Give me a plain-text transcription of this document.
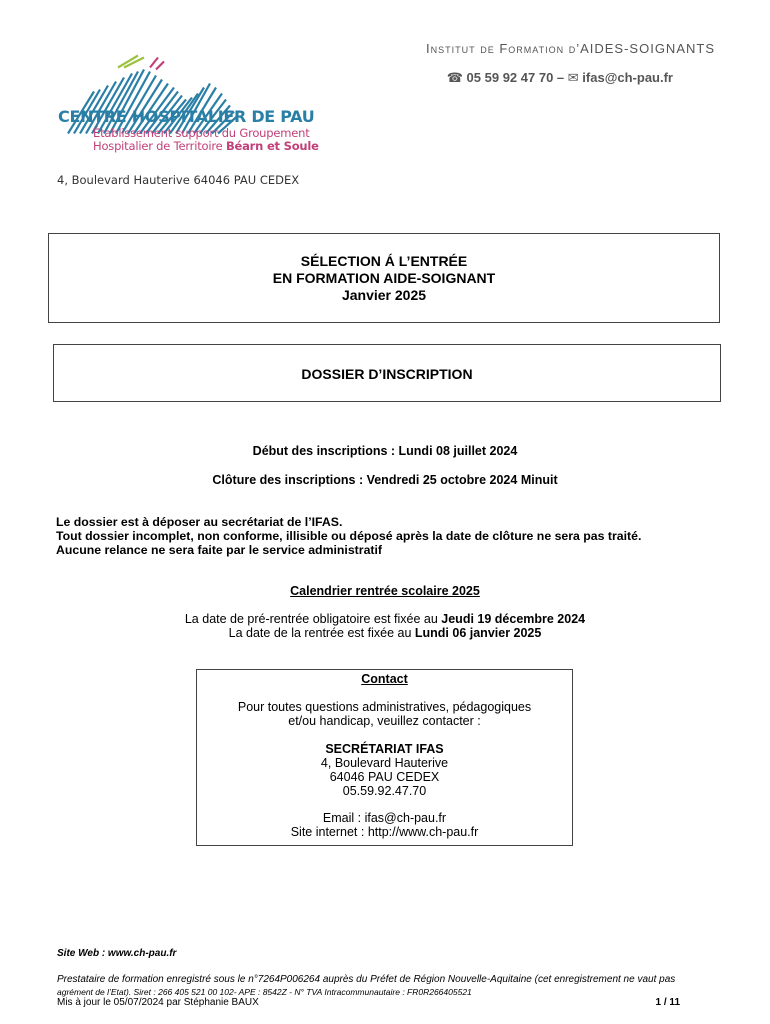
CENTRE HOSPITALIER DE PAU
Établissement support du Groupement
Hospitalier de Territoire Béarn et Soule
4, Boulevard Hauterive 64046 PAU CEDEX
Institut de Formation d’AIDES-SOIGNANTS
☎ 05 59 92 47 70 – ✉ ifas@ch-pau.fr
SÉLECTION Á L’ENTRÉE
EN FORMATION AIDE-SOIGNANT
Janvier 2025
DOSSIER D’INSCRIPTION
Début des inscriptions : Lundi 08 juillet 2024
Clôture des inscriptions : Vendredi 25 octobre 2024 Minuit
Le dossier est à déposer au secrétariat de l’IFAS.
Tout dossier incomplet, non conforme, illisible ou déposé après la date de clôture ne sera pas traité.
Aucune relance ne sera faite par le service administratif
Calendrier rentrée scolaire 2025
La date de pré-rentrée obligatoire est fixée au Jeudi 19 décembre 2024
La date de la rentrée est fixée au Lundi 06 janvier 2025
Contact
Pour toutes questions administratives, pédagogiques
et/ou handicap, veuillez contacter :
SECRÉTARIAT IFAS
4, Boulevard Hauterive
64046 PAU CEDEX
05.59.92.47.70
Email : ifas@ch-pau.fr
Site internet : http://www.ch-pau.fr
Site Web : www.ch-pau.fr
Prestataire de formation enregistré sous le n°7264P006264 auprès du Préfet de Région Nouvelle-Aquitaine (cet enregistrement ne vaut pas
agrément de l’Etat). Siret : 266 405 521 00 102- APE : 8542Z - N° TVA Intracommunautaire : FR0R266405521
Mis à jour le 05/07/2024 par Stéphanie BAUX	1 / 11
